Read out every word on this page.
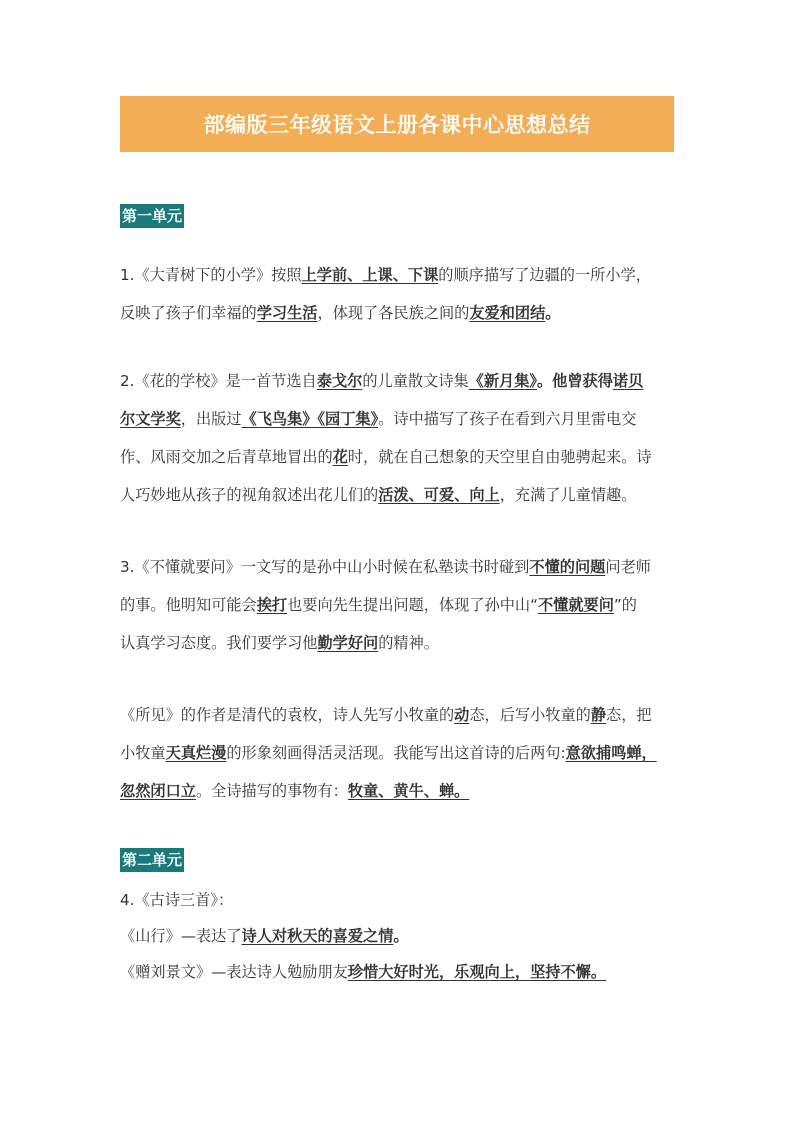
部编版三年级语文上册各课中心思想总结
第一单元

1.《大青树下的小学》按照上学前、上课、下课的顺序描写了边疆的一所小学，

反映了孩子们幸福的学习生活，体现了各民族之间的友爱和团结。

2.《花的学校》是一首节选自泰戈尔的儿童散文诗集《新月集》。他曾获得诺贝

尔文学奖，出版过《飞鸟集》《园丁集》。诗中描写了孩子在看到六月里雷电交

作、风雨交加之后青草地冒出的花时，就在自己想象的天空里自由驰骋起来。诗

人巧妙地从孩子的视角叙述出花儿们的活泼、可爱、向上，充满了儿童情趣。

3.《不懂就要问》一文写的是孙中山小时候在私塾读书时碰到不懂的问题问老师

的事。他明知可能会挨打也要向先生提出问题，体现了孙中山“不懂就要问”的

认真学习态度。我们要学习他勤学好问的精神。

《所见》的作者是清代的袁枚，诗人先写小牧童的动态，后写小牧童的静态，把

小牧童天真烂漫的形象刻画得活灵活现。我能写出这首诗的后两句:意欲捕鸣蝉，

忽然闭口立。全诗描写的事物有：牧童、黄牛、蝉。

第二单元

4.《古诗三首》：

《山行》—表达了诗人对秋天的喜爱之情。

《赠刘景文》—表达诗人勉励朋友珍惜大好时光，乐观向上，坚持不懈。
